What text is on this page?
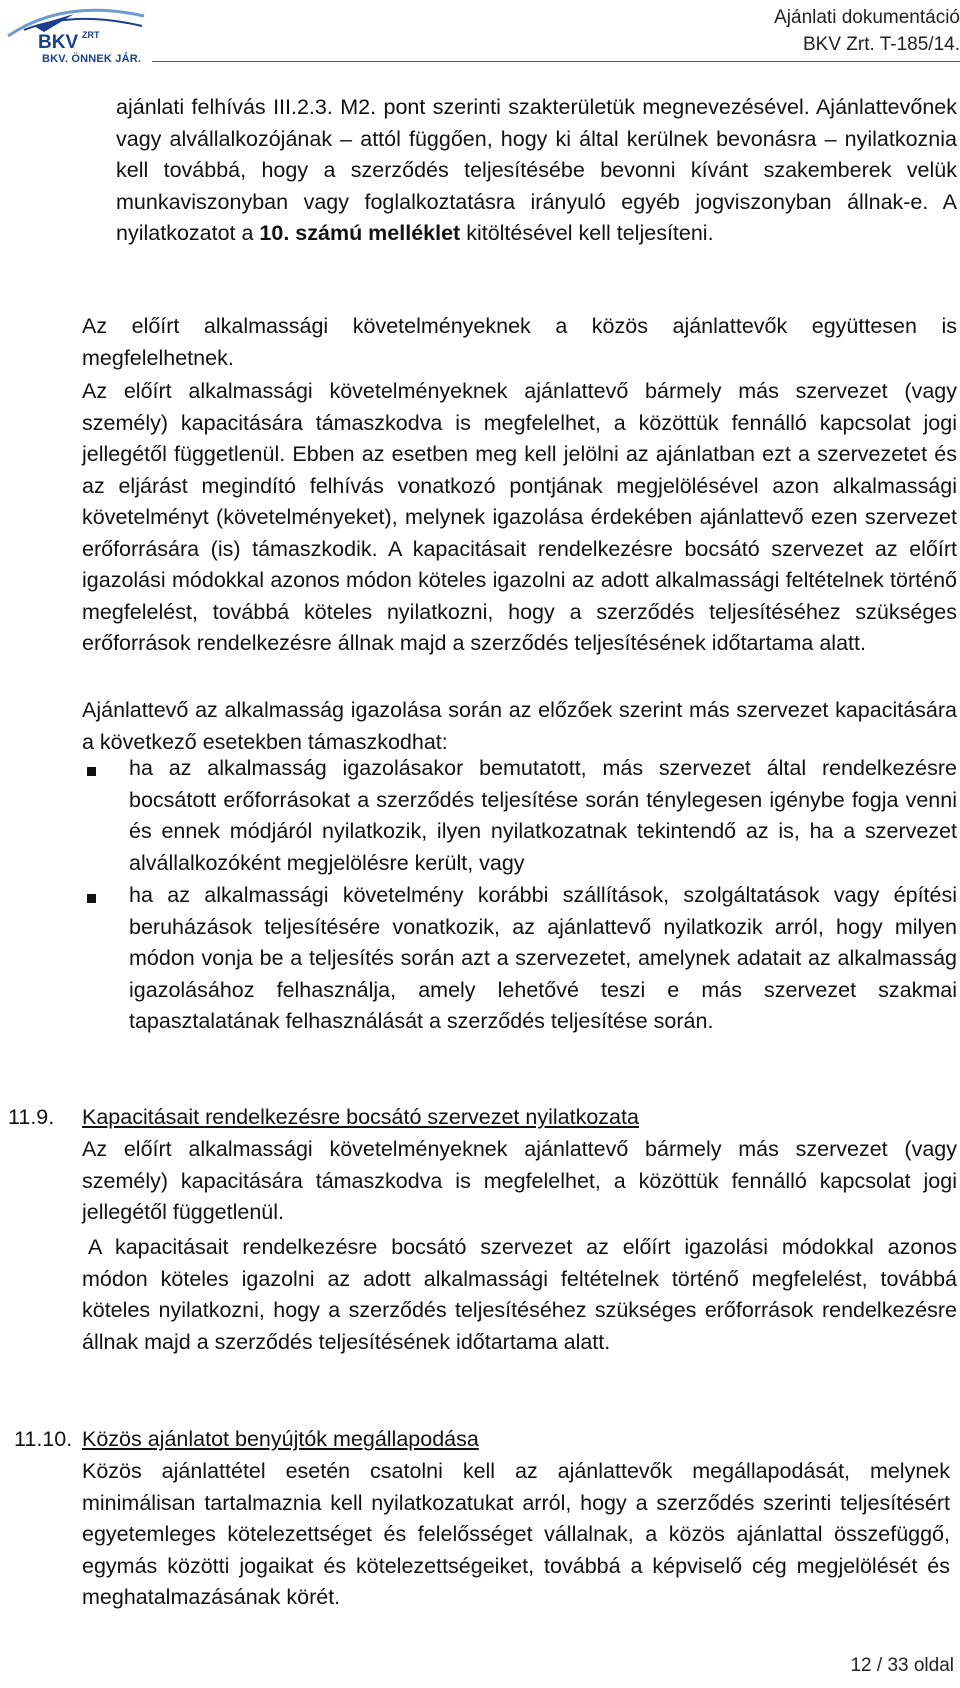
BKV ZRT
BKV. ÖNNEK JÁR.
Ajánlati dokumentáció
BKV Zrt. T-185/14.
ajánlati felhívás III.2.3. M2. pont szerinti szakterületük megnevezésével. Ajánlattevőnek vagy alvállalkozójának – attól függően, hogy ki által kerülnek bevonásra – nyilatkoznia kell továbbá, hogy a szerződés teljesítésébe bevonni kívánt szakemberek velük munkaviszonyban vagy foglalkoztatásra irányuló egyéb jogviszonyban állnak-e. A nyilatkozatot a 10. számú melléklet kitöltésével kell teljesíteni.
Az előírt alkalmassági követelményeknek a közös ajánlattevők együttesen is megfelelhetnek.
Az előírt alkalmassági követelményeknek ajánlattevő bármely más szervezet (vagy személy) kapacitására támaszkodva is megfelelhet, a közöttük fennálló kapcsolat jogi jellegétől függetlenül. Ebben az esetben meg kell jelölni az ajánlatban ezt a szervezetet és az eljárást megindító felhívás vonatkozó pontjának megjelölésével azon alkalmassági követelményt (követelményeket), melynek igazolása érdekében ajánlattevő ezen szervezet erőforrására (is) támaszkodik. A kapacitásait rendelkezésre bocsátó szervezet az előírt igazolási módokkal azonos módon köteles igazolni az adott alkalmassági feltételnek történő megfelelést, továbbá köteles nyilatkozni, hogy a szerződés teljesítéséhez szükséges erőforrások rendelkezésre állnak majd a szerződés teljesítésének időtartama alatt.
Ajánlattevő az alkalmasság igazolása során az előzőek szerint más szervezet kapacitására a következő esetekben támaszkodhat:
ha az alkalmasság igazolásakor bemutatott, más szervezet által rendelkezésre bocsátott erőforrásokat a szerződés teljesítése során ténylegesen igénybe fogja venni és ennek módjáról nyilatkozik, ilyen nyilatkozatnak tekintendő az is, ha a szervezet alvállalkozóként megjelölésre került, vagy
ha az alkalmassági követelmény korábbi szállítások, szolgáltatások vagy építési beruházások teljesítésére vonatkozik, az ajánlattevő nyilatkozik arról, hogy milyen módon vonja be a teljesítés során azt a szervezetet, amelynek adatait az alkalmasság igazolásához felhasználja, amely lehetővé teszi e más szervezet szakmai tapasztalatának felhasználását a szerződés teljesítése során.
11.9. Kapacitásait rendelkezésre bocsátó szervezet nyilatkozata
Az előírt alkalmassági követelményeknek ajánlattevő bármely más szervezet (vagy személy) kapacitására támaszkodva is megfelelhet, a közöttük fennálló kapcsolat jogi jellegétől függetlenül.
A kapacitásait rendelkezésre bocsátó szervezet az előírt igazolási módokkal azonos módon köteles igazolni az adott alkalmassági feltételnek történő megfelelést, továbbá köteles nyilatkozni, hogy a szerződés teljesítéséhez szükséges erőforrások rendelkezésre állnak majd a szerződés teljesítésének időtartama alatt.
11.10. Közös ajánlatot benyújtók megállapodása
Közös ajánlattétel esetén csatolni kell az ajánlattevők megállapodását, melynek minimálisan tartalmaznia kell nyilatkozatukat arról, hogy a szerződés szerinti teljesítésért egyetemleges kötelezettséget és felelősséget vállalnak, a közös ajánlattal összefüggő, egymás közötti jogaikat és kötelezettségeiket, továbbá a képviselő cég megjelölését és meghatalmazásának körét.
12 / 33 oldal
